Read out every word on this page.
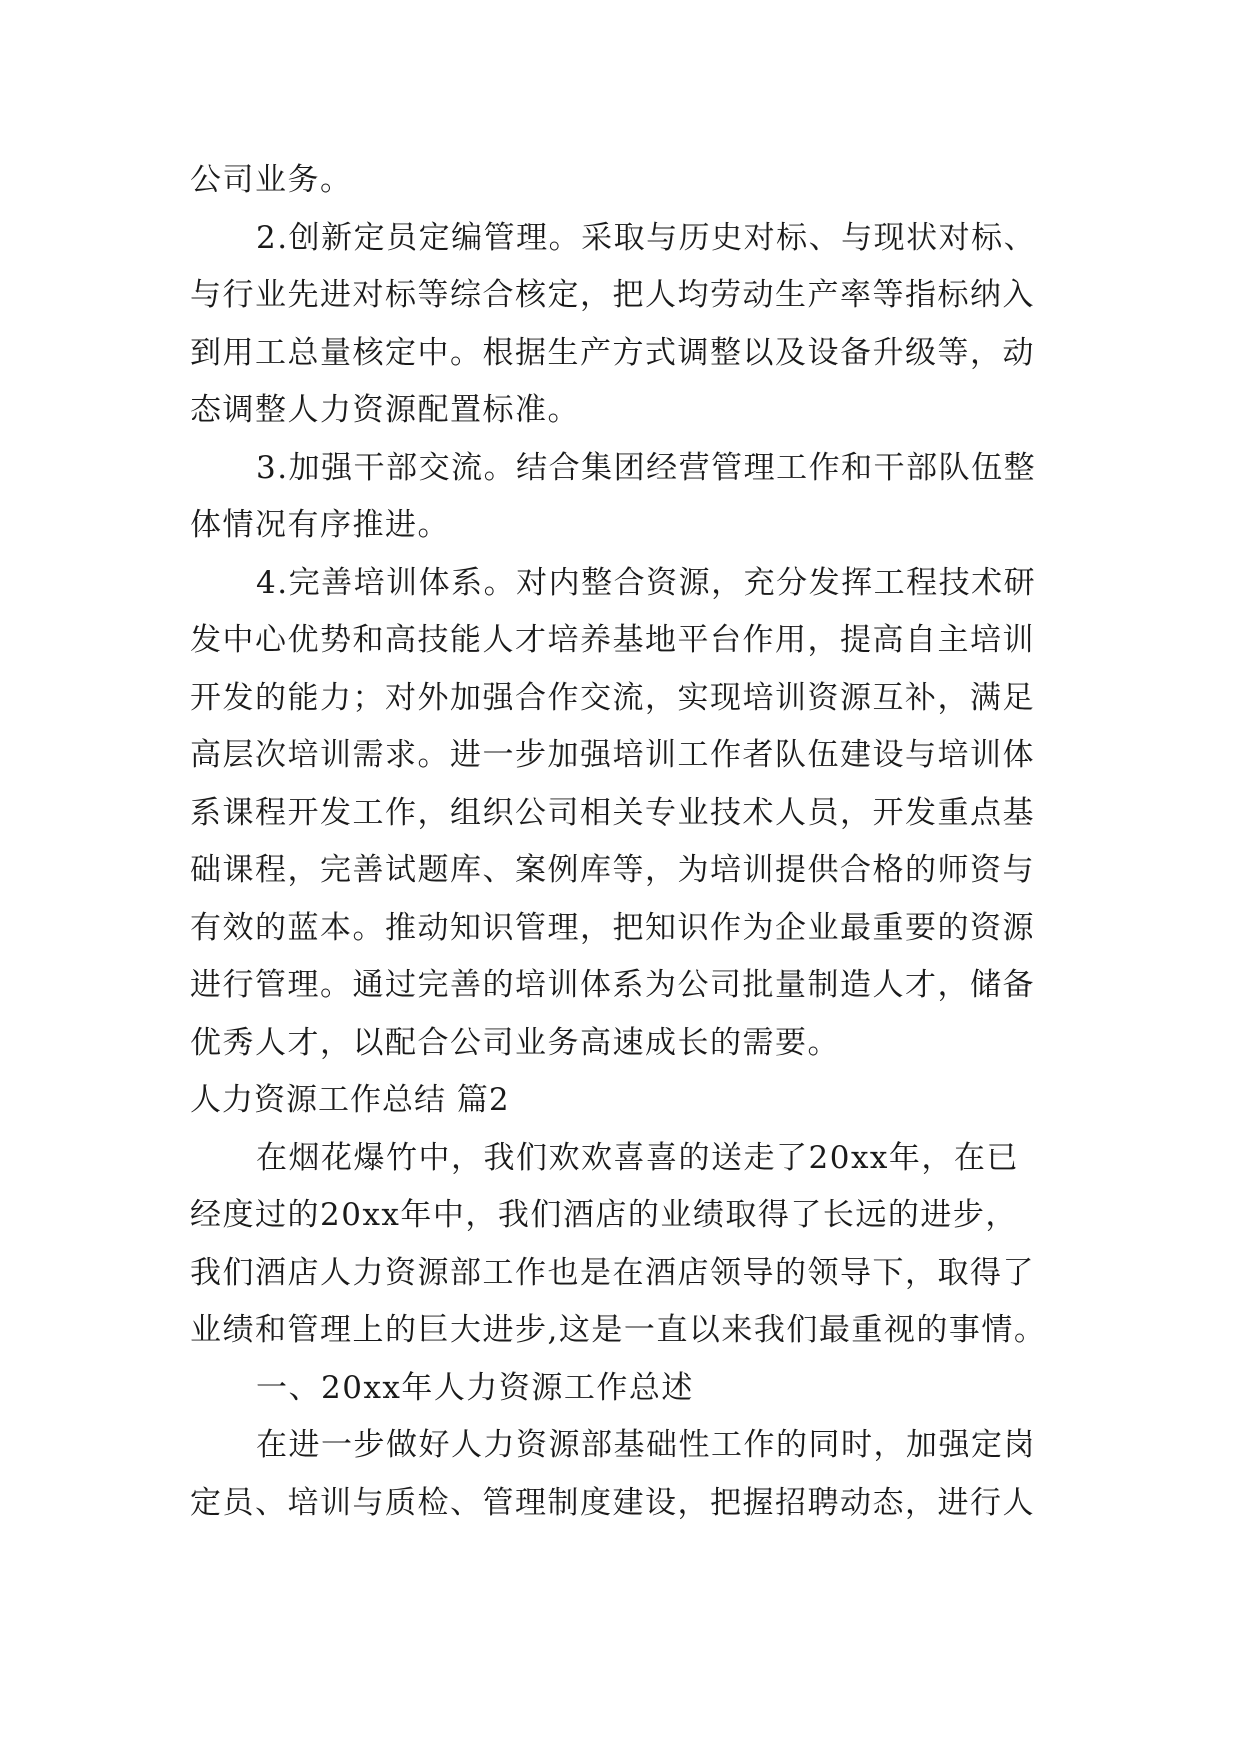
公司业务。
2.创新定员定编管理。采取与历史对标、与现状对标、
与行业先进对标等综合核定，把人均劳动生产率等指标纳入
到用工总量核定中。根据生产方式调整以及设备升级等，动
态调整人力资源配置标准。
3.加强干部交流。结合集团经营管理工作和干部队伍整
体情况有序推进。
4.完善培训体系。对内整合资源，充分发挥工程技术研
发中心优势和高技能人才培养基地平台作用，提高自主培训
开发的能力；对外加强合作交流，实现培训资源互补，满足
高层次培训需求。进一步加强培训工作者队伍建设与培训体
系课程开发工作，组织公司相关专业技术人员，开发重点基
础课程，完善试题库、案例库等，为培训提供合格的师资与
有效的蓝本。推动知识管理，把知识作为企业最重要的资源
进行管理。通过完善的培训体系为公司批量制造人才，储备
优秀人才，以配合公司业务高速成长的需要。
人力资源工作总结 篇2
在烟花爆竹中，我们欢欢喜喜的送走了20xx年，在已
经度过的20xx年中，我们酒店的业绩取得了长远的进步，
我们酒店人力资源部工作也是在酒店领导的领导下，取得了
业绩和管理上的巨大进步,这是一直以来我们最重视的事情。
一、20xx年人力资源工作总述
在进一步做好人力资源部基础性工作的同时，加强定岗
定员、培训与质检、管理制度建设，把握招聘动态，进行人
